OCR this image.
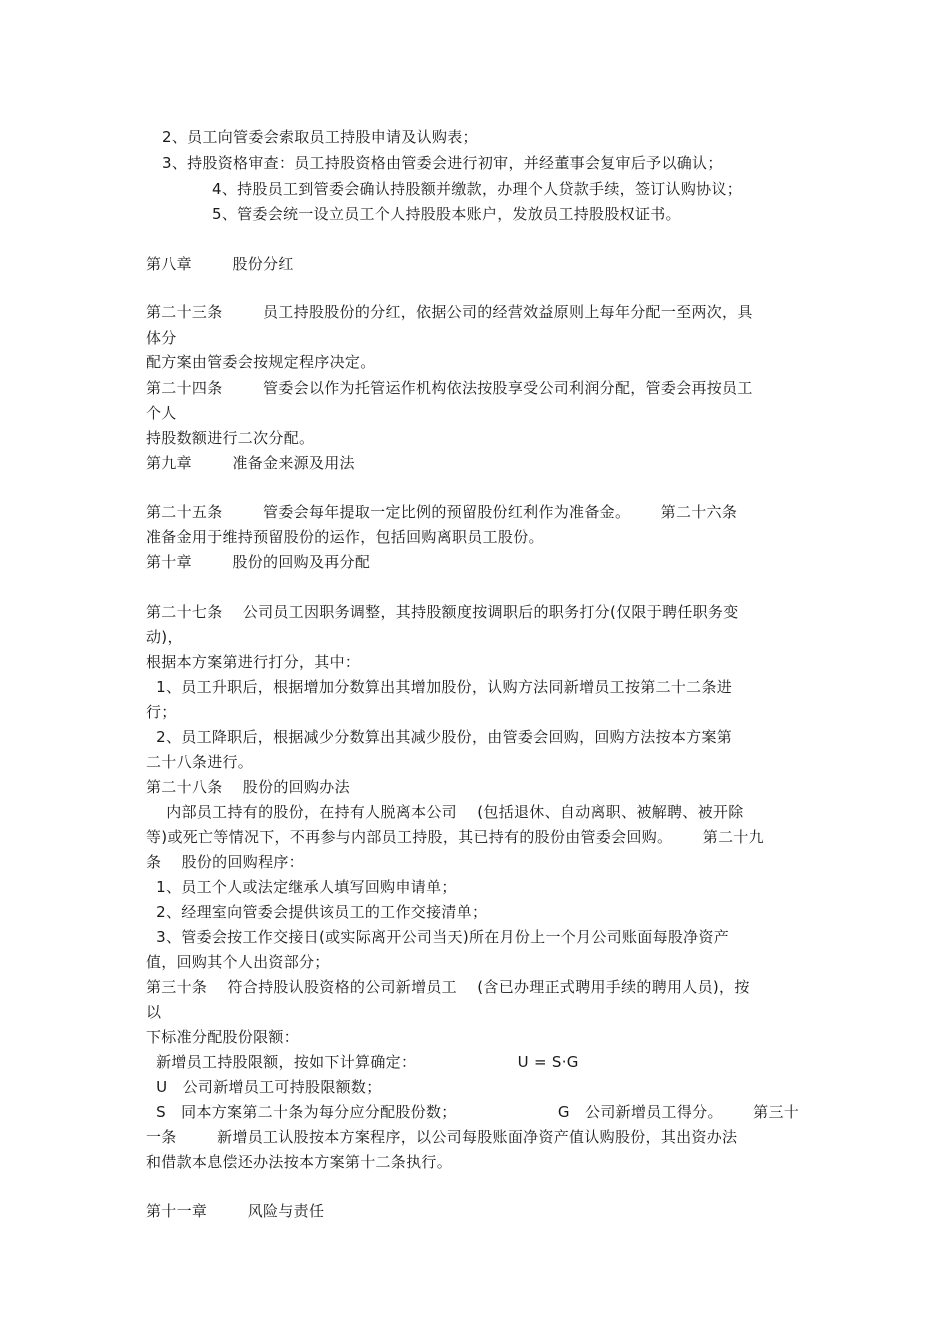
2、员工向管委会索取员工持股申请及认购表；
3、持股资格审查：员工持股资格由管委会进行初审，并经董事会复审后予以确认；
4、持股员工到管委会确认持股额并缴款，办理个人贷款手续，签订认购协议；
5、管委会统一设立员工个人持股股本账户，发放员工持股股权证书。
第八章        股份分红
第二十三条        员工持股股份的分红，依据公司的经营效益原则上每年分配一至两次，具
体分
配方案由管委会按规定程序决定。
第二十四条        管委会以作为托管运作机构依法按股享受公司利润分配，管委会再按员工
个人
持股数额进行二次分配。
第九章        准备金来源及用法
第二十五条        管委会每年提取一定比例的预留股份红利作为准备金。      第二十六条
准备金用于维持预留股份的运作，包括回购离职员工股份。
第十章        股份的回购及再分配
第二十七条    公司员工因职务调整，其持股额度按调职后的职务打分(仅限于聘任职务变
动)，
根据本方案第进行打分，其中：
1、员工升职后，根据增加分数算出其增加股份，认购方法同新增员工按第二十二条进
行；
2、员工降职后，根据减少分数算出其减少股份，由管委会回购，回购方法按本方案第
二十八条进行。
第二十八条    股份的回购办法
内部员工持有的股份，在持有人脱离本公司    (包括退休、自动离职、被解聘、被开除
等)或死亡等情况下，不再参与内部员工持股，其已持有的股份由管委会回购。      第二十九
条    股份的回购程序：
1、员工个人或法定继承人填写回购申请单；
2、经理室向管委会提供该员工的工作交接清单；
3、管委会按工作交接日(或实际离开公司当天)所在月份上一个月公司账面每股净资产
值，回购其个人出资部分；
第三十条    符合持股认股资格的公司新增员工    (含已办理正式聘用手续的聘用人员)，按
以
下标准分配股份限额：
新增员工持股限额，按如下计算确定：                    U = S·G
U   公司新增员工可持股限额数；
S   同本方案第二十条为每分应分配股份数；                    G   公司新增员工得分。      第三十
一条        新增员工认股按本方案程序，以公司每股账面净资产值认购股份，其出资办法
和借款本息偿还办法按本方案第十二条执行。
第十一章        风险与责任
